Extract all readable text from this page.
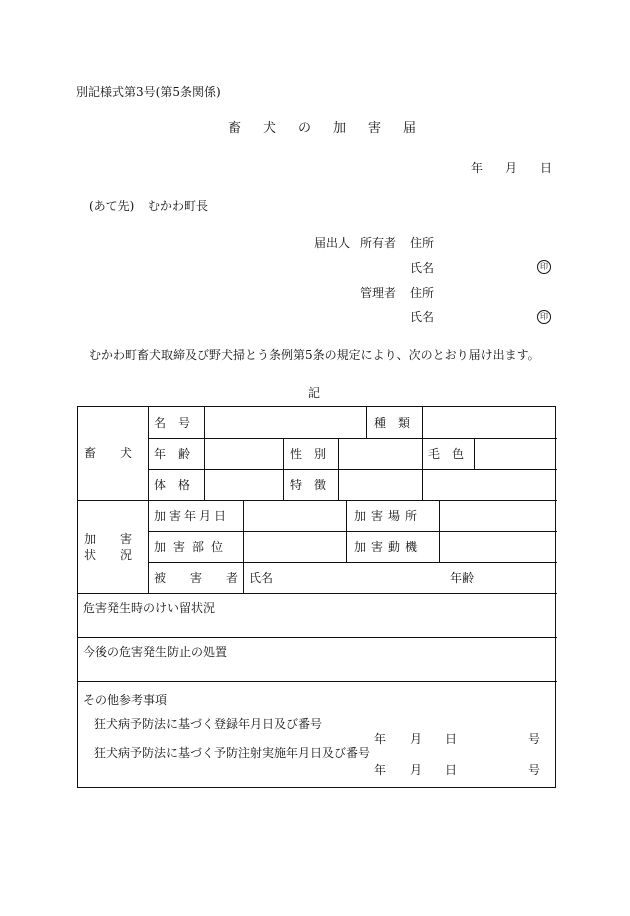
別記様式第3号(第5条関係)
畜犬の加害届
年 月 日
(あて先) むかわ町長
届出人 所有者 住所
氏名	印
管理者 住所
氏名	印
むかわ町畜犬取締及び野犬掃とう条例第5条の規定により、次のとおり届け出ます。
記
畜　　犬
名　号	種　類
年　齢	性　別	毛　色
体　格	特　徴
加　　害
状　　況
加害年月日	加害場所
加害部位	加害動機
被　　害　　者 氏名	年齢
危害発生時のけい留状況
今後の危害発生防止の処置
その他参考事項
狂犬病予防法に基づく登録年月日及び番号
年 月 日	号
狂犬病予防法に基づく予防注射実施年月日及び番号
年 月 日	号
